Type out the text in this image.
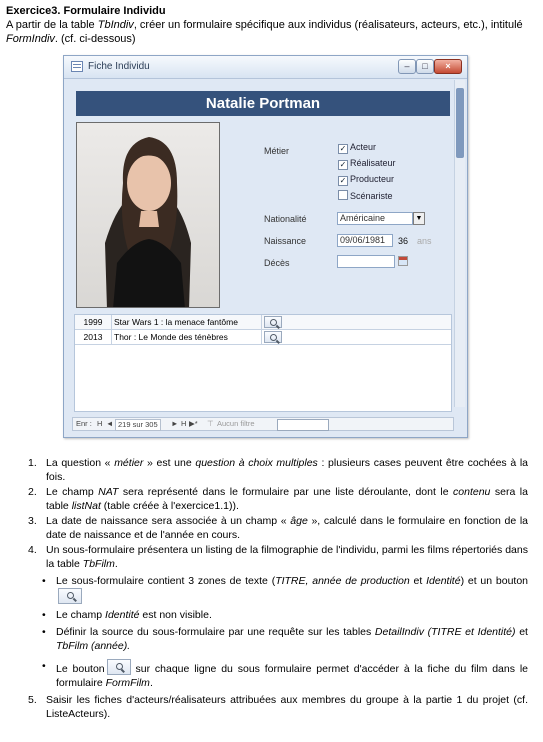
Exercice3. Formulaire Individu
A partir de la table TbIndiv, créer un formulaire spécifique aux individus (réalisateurs, acteurs, etc.), intitulé FormIndiv. (cf. ci-dessous)
Fiche Individu	–	□	×
Natalie Portman
Métier	✓ Acteur
✓ Réalisateur
✓ Producteur
Scénariste
Nationalité	Américaine	▼
Naissance	09/06/1981	36 ans
Décès
1999	Star Wars 1 : la menace fantôme
2013	Thor : Le Monde des ténèbres
Enr : H ◄ 219 sur 305	► H ▶* ⊤ Aucun filtre
1. La question « métier » est une question à choix multiples : plusieurs cases peuvent être cochées à la fois.
2. Le champ NAT sera représenté dans le formulaire par une liste déroulante, dont le contenu sera la table listNat (table créée à l'exercice1.1)).
3. La date de naissance sera associée à un champ « âge », calculé dans le formulaire en fonction de la date de naissance et de l'année en cours.
4. Un sous-formulaire présentera un listing de la filmographie de l'individu, parmi les films répertoriés dans la table TbFilm.
• Le sous-formulaire contient 3 zones de texte (TITRE, année de production et Identité) et un bouton
• Le champ Identité est non visible.
• Définir la source du sous-formulaire par une requête sur les tables DetailIndiv (TITRE et Identité) et TbFilm (année).
• Le bouton
sur chaque ligne du sous formulaire permet d'accéder à la fiche du film dans le formulaire FormFilm.
5. Saisir les fiches d'acteurs/réalisateurs attribuées aux membres du groupe à la partie 1 du projet (cf. ListeActeurs).
